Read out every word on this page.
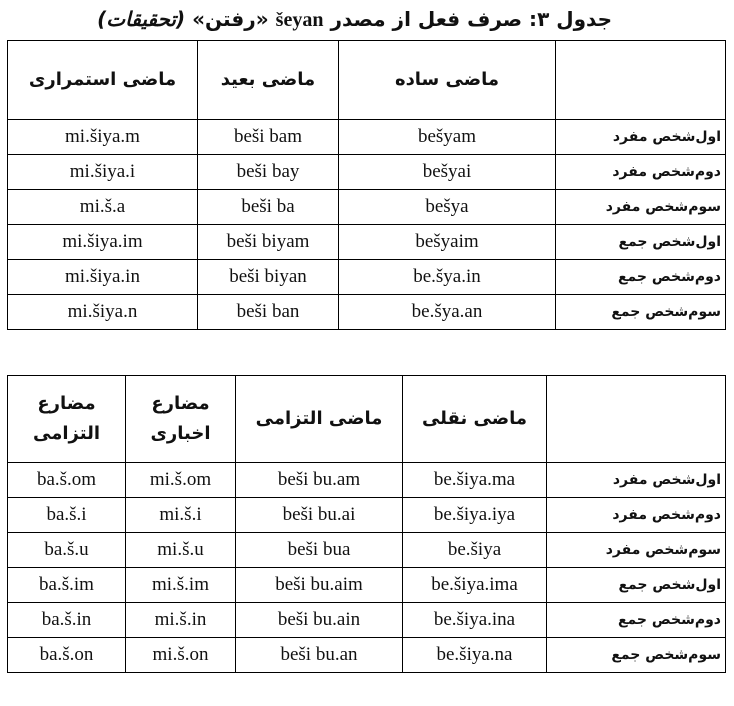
جدول ۳: صرف فعل از مصدر šeyan «رفتن» (تحقیقات)
ماضی استمراری	ماضی بعید	ماضی ساده	
mi.šiya.m	beši bam	bešyam	اول‌شخص مفرد
mi.šiya.i	beši bay	bešyai	دوم‌شخص مفرد
mi.š.a	beši ba	bešya	سوم‌شخص مفرد
mi.šiya.im	beši biyam	bešyaim	اول‌شخص جمع
mi.šiya.in	beši biyan	be.šya.in	دوم‌شخص جمع
mi.šiya.n	beši ban	be.šya.an	سوم‌شخص جمع
مضارع التزامی	مضارع اخباری	ماضی التزامی	ماضی نقلی	
ba.š.om	mi.š.om	beši bu.am	be.šiya.ma	اول‌شخص مفرد
ba.š.i	mi.š.i	beši bu.ai	be.šiya.iya	دوم‌شخص مفرد
ba.š.u	mi.š.u	beši bua	be.šiya	سوم‌شخص مفرد
ba.š.im	mi.š.im	beši bu.aim	be.šiya.ima	اول‌شخص جمع
ba.š.in	mi.š.in	beši bu.ain	be.šiya.ina	دوم‌شخص جمع
ba.š.on	mi.š.on	beši bu.an	be.šiya.na	سوم‌شخص جمع
